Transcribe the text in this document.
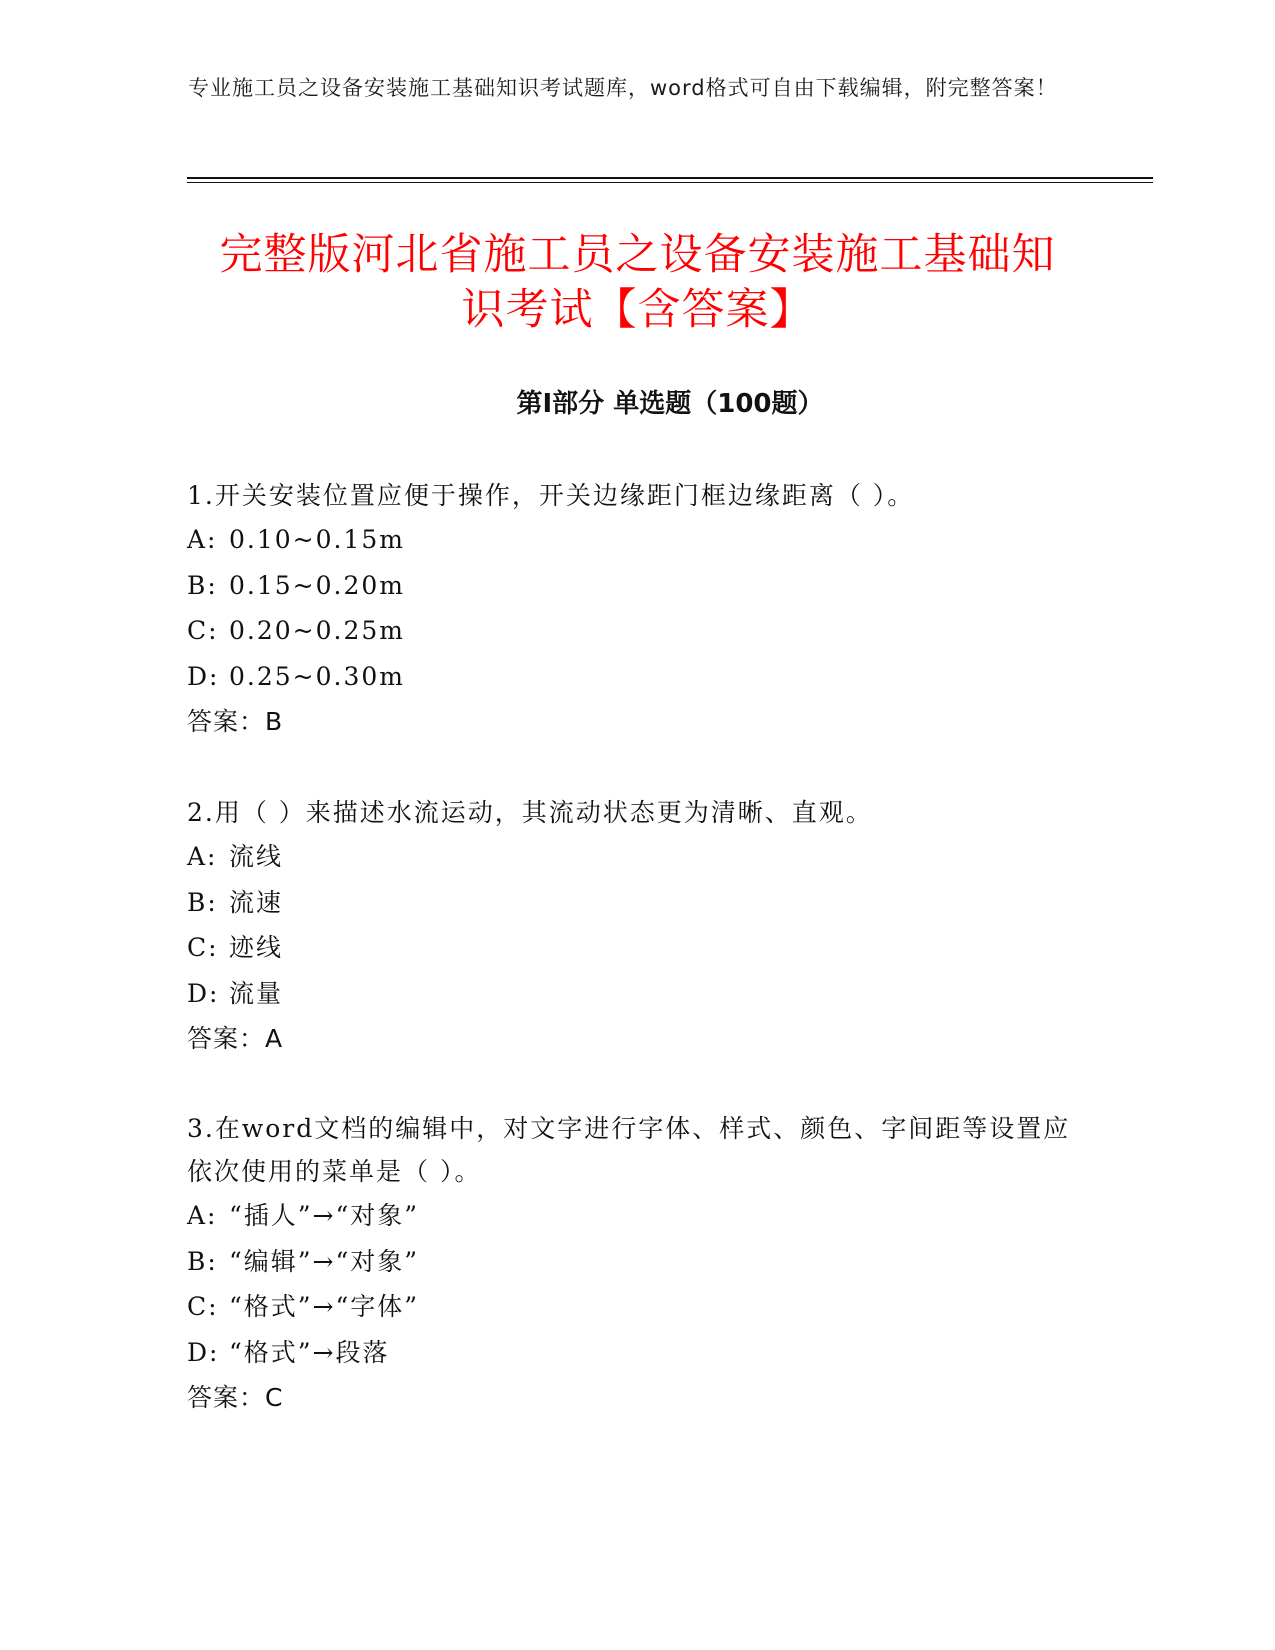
专业施工员之设备安装施工基础知识考试题库，word格式可自由下载编辑，附完整答案！
完整版河北省施工员之设备安装施工基础知
识考试【含答案】
第Ⅰ部分 单选题（100题）
1.开关安装位置应便于操作，开关边缘距门框边缘距离（ ）。
A: 0.10~0.15m
B: 0.15~0.20m
C: 0.20~0.25m
D: 0.25~0.30m
答案：B
2.用（ ）来描述水流运动，其流动状态更为清晰、直观。
A: 流线
B: 流速
C: 迹线
D: 流量
答案：A
3.在word文档的编辑中，对文字进行字体、样式、颜色、字间距等设置应依次使用的菜单是（ ）。
A: “插人”→“对象”
B: “编辑”→“对象”
C: “格式”→“字体”
D: “格式”→段落
答案：C
